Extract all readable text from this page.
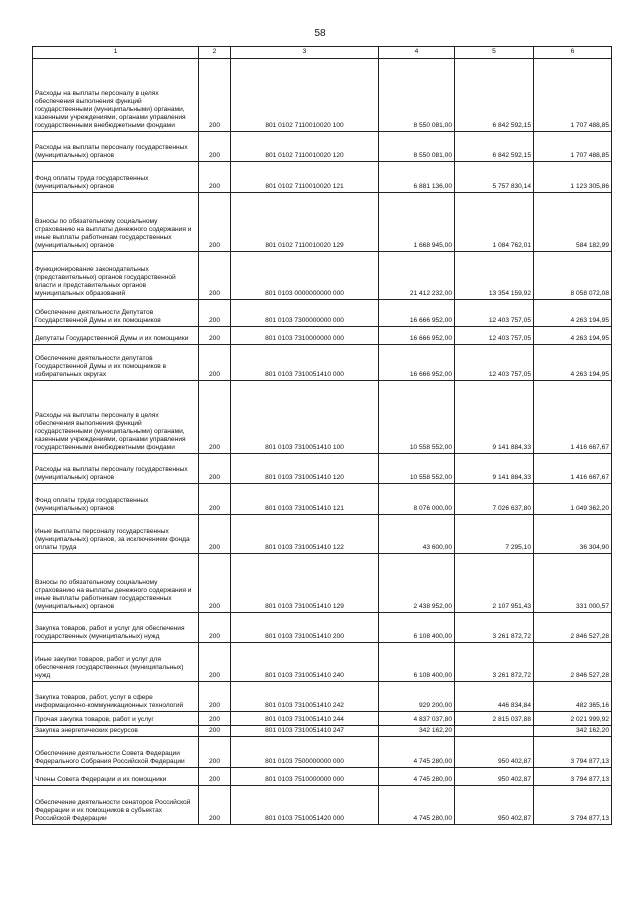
58
1	2	3	4	5	6
Расходы на выплаты персоналу в целях обеспечения выполнения функций государственными (муниципальными) органами, казенными учреждениями, органами управления государственными внебюджетными фондами	200	801 0102 7110010020 100	8 550 081,00	6 842 592,15	1 707 488,85
Расходы на выплаты персоналу государственных (муниципальных) органов	200	801 0102 7110010020 120	8 550 081,00	6 842 592,15	1 707 488,85
Фонд оплаты труда государственных (муниципальных) органов	200	801 0102 7110010020 121	6 881 136,00	5 757 830,14	1 123 305,86
Взносы по обязательному социальному страхованию на выплаты денежного содержания и иные выплаты работникам государственных (муниципальных) органов	200	801 0102 7110010020 129	1 668 945,00	1 084 762,01	584 182,99
Функционирование законодательных (представительных) органов государственной власти и представительных органов муниципальных образований	200	801 0103 0000000000 000	21 412 232,00	13 354 159,92	8 058 072,08
Обеспечение деятельности Депутатов Государственной Думы и их помощников	200	801 0103 7300000000 000	16 666 952,00	12 403 757,05	4 263 194,95
Депутаты Государственной Думы и их помощники	200	801 0103 7310000000 000	16 666 952,00	12 403 757,05	4 263 194,95
Обеспечение деятельности депутатов Государственной Думы и их помощников в избирательных округах	200	801 0103 7310051410 000	16 666 952,00	12 403 757,05	4 263 194,95
Расходы на выплаты персоналу в целях обеспечения выполнения функций государственными (муниципальными) органами, казенными учреждениями, органами управления государственными внебюджетными фондами	200	801 0103 7310051410 100	10 558 552,00	9 141 884,33	1 416 667,67
Расходы на выплаты персоналу государственных (муниципальных) органов	200	801 0103 7310051410 120	10 558 552,00	9 141 884,33	1 416 667,67
Фонд оплаты труда государственных (муниципальных) органов	200	801 0103 7310051410 121	8 076 000,00	7 026 637,80	1 049 362,20
Иные выплаты персоналу государственных (муниципальных) органов, за исключением фонда оплаты труда	200	801 0103 7310051410 122	43 600,00	7 295,10	36 304,90
Взносы по обязательному социальному страхованию на выплаты денежного содержания и иные выплаты работникам государственных (муниципальных) органов	200	801 0103 7310051410 129	2 438 952,00	2 107 951,43	331 000,57
Закупка товаров, работ и услуг для обеспечения государственных (муниципальных) нужд	200	801 0103 7310051410 200	6 108 400,00	3 261 872,72	2 846 527,28
Иные закупки товаров, работ и услуг для обеспечения государственных (муниципальных) нужд	200	801 0103 7310051410 240	6 108 400,00	3 261 872,72	2 846 527,28
Закупка товаров, работ, услуг в сфере информационно-коммуникационных технологий	200	801 0103 7310051410 242	929 200,00	446 834,84	482 365,16
Прочая закупка товаров, работ и услуг	200	801 0103 7310051410 244	4 837 037,80	2 815 037,88	2 021 999,92
Закупка энергетических ресурсов	200	801 0103 7310051410 247	342 162,20		342 162,20
Обеспечение деятельности Совета Федерации Федерального Собрания Российской Федерации	200	801 0103 7500000000 000	4 745 280,00	950 402,87	3 794 877,13
Члены Совета Федерации и их помощники	200	801 0103 7510000000 000	4 745 280,00	950 402,87	3 794 877,13
Обеспечение деятельности сенаторов Российской Федерации и их помощников в субъектах Российской Федерации	200	801 0103 7510051420 000	4 745 280,00	950 402,87	3 794 877,13
